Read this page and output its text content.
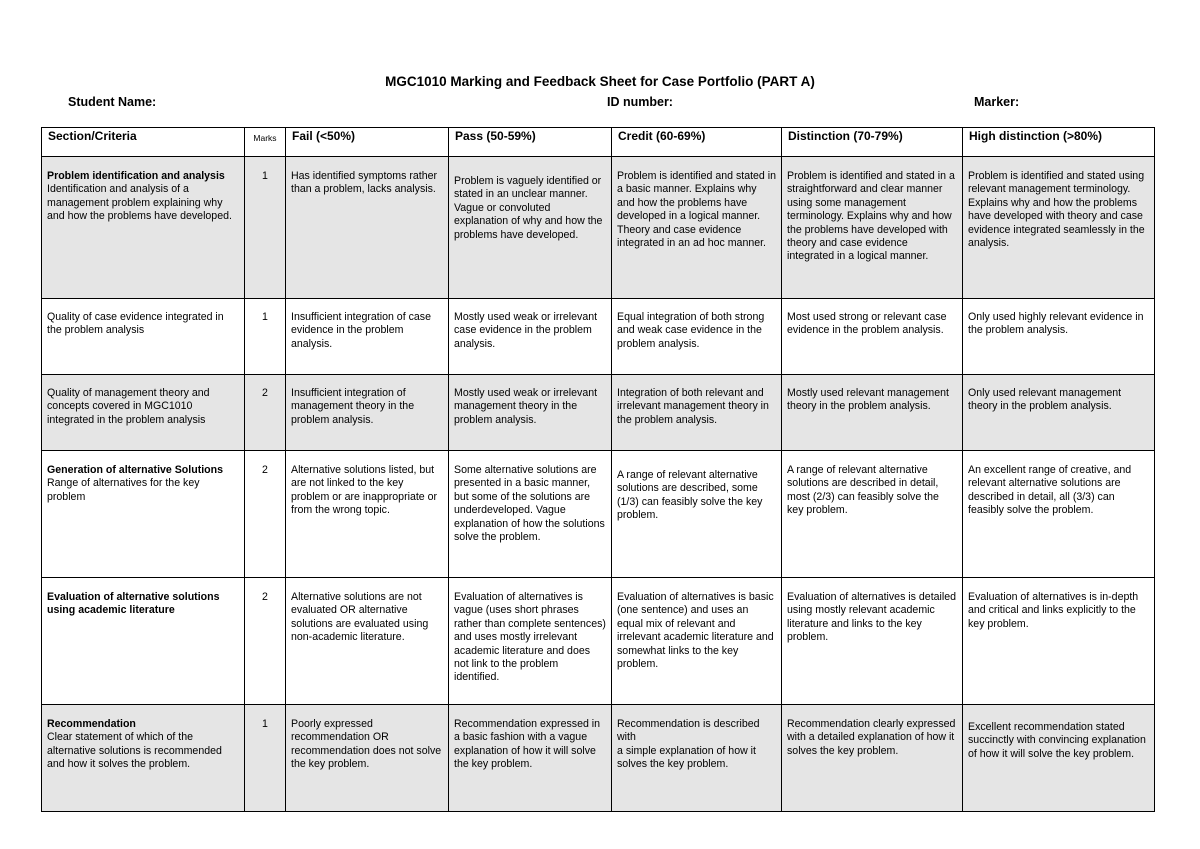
MGC1010 Marking and Feedback Sheet for Case Portfolio (PART A)
Student Name:	ID number:	Marker:
Section/Criteria	Marks	Fail (<50%)	Pass (50-59%)	Credit (60-69%)	Distinction (70-79%)	High distinction (>80%)

Problem identification and analysis

Identification and analysis of a management problem explaining why and how the problems have developed.	1	Has identified symptoms rather than a problem, lacks analysis.	Problem is vaguely identified or stated in an unclear manner. Vague or convoluted explanation of why and how the problems have developed.	Problem is identified and stated in a basic manner. Explains why and how the problems have developed in a logical manner. Theory and case evidence integrated in an ad hoc manner.	Problem is identified and stated in a straightforward and clear manner using some management terminology. Explains why and how the problems have developed with theory and case evidence integrated in a logical manner.	Problem is identified and stated using relevant management terminology. Explains why and how the problems have developed with theory and case evidence integrated seamlessly in the analysis.

Quality of case evidence integrated in the problem analysis	1	Insufficient integration of case evidence in the problem analysis.	Mostly used weak or irrelevant case evidence in the problem analysis.	Equal integration of both strong and weak case evidence in the problem analysis.	Most used strong or relevant case evidence in the problem analysis.	Only used highly relevant evidence in the problem analysis.

Quality of management theory and concepts covered in MGC1010 integrated in the problem analysis	2	Insufficient integration of management theory in the problem analysis.	Mostly used weak or irrelevant management theory in the problem analysis.	Integration of both relevant and irrelevant management theory in the problem analysis.	Mostly used relevant management theory in the problem analysis.	Only used relevant management theory in the problem analysis.

Generation of alternative Solutions

Range of alternatives for the key problem	2	Alternative solutions listed, but are not linked to the key problem or are inappropriate or from the wrong topic.	Some alternative solutions are presented in a basic manner, but some of the solutions are underdeveloped. Vague explanation of how the solutions solve the problem.	A range of relevant alternative solutions are described, some (1/3) can feasibly solve the key problem.	A range of relevant alternative solutions are described in detail, most (2/3) can feasibly solve the key problem.	An excellent range of creative, and relevant alternative solutions are described in detail, all (3/3) can feasibly solve the problem.

Evaluation of alternative solutions using academic literature	2	Alternative solutions are not evaluated OR alternative solutions are evaluated using non-academic literature.	Evaluation of alternatives is vague (uses short phrases rather than complete sentences) and uses mostly irrelevant academic literature and does not link to the problem identified.	Evaluation of alternatives is basic (one sentence) and uses an equal mix of relevant and irrelevant academic literature and somewhat links to the key problem.	Evaluation of alternatives is detailed using mostly relevant academic literature and links to the key problem.	Evaluation of alternatives is in-depth and critical and links explicitly to the key problem.

Recommendation

Clear statement of which of the alternative solutions is recommended and how it solves the problem.	1	Poorly expressed recommendation OR recommendation does not solve the key problem.	Recommendation expressed in a basic fashion with a vague explanation of how it will solve the key problem.	Recommendation is described with
a simple explanation of how it solves the key problem.	Recommendation clearly expressed with a detailed explanation of how it solves the key problem.	Excellent recommendation stated succinctly with convincing explanation of how it will solve the key problem.
